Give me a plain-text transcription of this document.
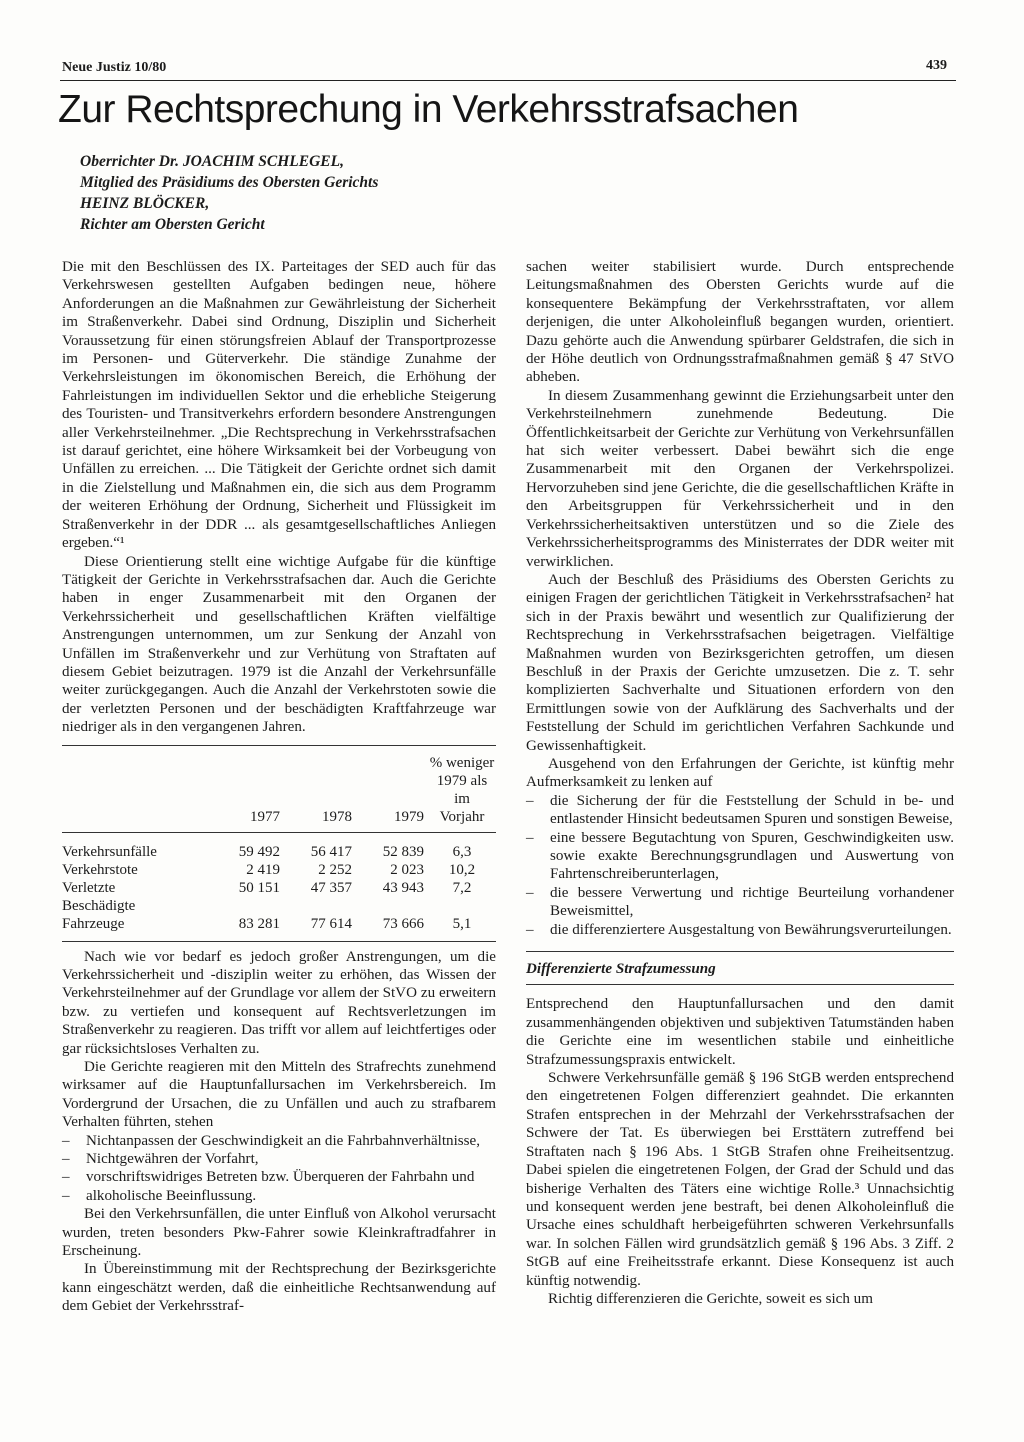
Neue Justiz 10/80	439
Zur Rechtsprechung in Verkehrsstrafsachen
Oberrichter Dr. JOACHIM SCHLEGEL,
Mitglied des Präsidiums des Obersten Gerichts
HEINZ BLÖCKER,
Richter am Obersten Gericht

Die mit den Beschlüssen des IX. Parteitages der SED auch für das Verkehrswesen gestellten Aufgaben bedingen neue, höhere Anforderungen an die Maßnahmen zur Gewährleistung der Sicherheit im Straßenverkehr. Dabei sind Ordnung, Disziplin und Sicherheit Voraussetzung für einen störungsfreien Ablauf der Transportprozesse im Personen- und Güterverkehr. Die ständige Zunahme der Verkehrsleistungen im ökonomischen Bereich, die Erhöhung der Fahrleistungen im individuellen Sektor und die erhebliche Steigerung des Touristen- und Transitverkehrs erfordern besondere Anstrengungen aller Verkehrsteilnehmer. „Die Rechtsprechung in Verkehrsstrafsachen ist darauf gerichtet, eine höhere Wirksamkeit bei der Vorbeugung von Unfällen zu erreichen. ... Die Tätigkeit der Gerichte ordnet sich damit in die Zielstellung und Maßnahmen ein, die sich aus dem Programm der weiteren Erhöhung der Ordnung, Sicherheit und Flüssigkeit im Straßenverkehr in der DDR ... als gesamtgesellschaftliches Anliegen ergeben.“¹

Diese Orientierung stellt eine wichtige Aufgabe für die künftige Tätigkeit der Gerichte in Verkehrsstrafsachen dar. Auch die Gerichte haben in enger Zusammenarbeit mit den Organen der Verkehrssicherheit und gesellschaftlichen Kräften vielfältige Anstrengungen unternommen, um zur Senkung der Anzahl von Unfällen im Straßenverkehr und zur Verhütung von Straftaten auf diesem Gebiet beizutragen. 1979 ist die Anzahl der Verkehrsunfälle weiter zurückgegangen. Auch die Anzahl der Verkehrstoten sowie die der verletzten Personen und der beschädigten Kraftfahrzeuge war niedriger als in den vergangenen Jahren.

				% weniger
				1979 als im
	1977	1978	1979	Vorjahr
Verkehrsunfälle	59 492	56 417	52 839	6,3
Verkehrstote	2 419	2 252	2 023	10,2
Verletzte	50 151	47 357	43 943	7,2

Beschädigte
Fahrzeuge	83 281	77 614	73 666	5,1

Nach wie vor bedarf es jedoch großer Anstrengungen, um die Verkehrssicherheit und -disziplin weiter zu erhöhen, das Wissen der Verkehrsteilnehmer auf der Grundlage vor allem der StVO zu erweitern bzw. zu vertiefen und konsequent auf Rechtsverletzungen im Straßenverkehr zu reagieren. Das trifft vor allem auf leichtfertiges oder gar rücksichtsloses Verhalten zu.

Die Gerichte reagieren mit den Mitteln des Strafrechts zunehmend wirksamer auf die Hauptunfallursachen im Verkehrsbereich. Im Vordergrund der Ursachen, die zu Unfällen und auch zu strafbarem Verhalten führten, stehen

–	Nichtanpassen der Geschwindigkeit an die Fahrbahnverhältnisse,
–	Nichtgewähren der Vorfahrt,
–	vorschriftswidriges Betreten bzw. Überqueren der Fahrbahn und
–	alkoholische Beeinflussung.

Bei den Verkehrsunfällen, die unter Einfluß von Alkohol verursacht wurden, treten besonders Pkw-Fahrer sowie Kleinkraftradfahrer in Erscheinung.

In Übereinstimmung mit der Rechtsprechung der Bezirksgerichte kann eingeschätzt werden, daß die einheitliche Rechtsanwendung auf dem Gebiet der Verkehrsstraf-

sachen weiter stabilisiert wurde. Durch entsprechende Leitungsmaßnahmen des Obersten Gerichts wurde auf die konsequentere Bekämpfung der Verkehrsstraftaten, vor allem derjenigen, die unter Alkoholeinfluß begangen wurden, orientiert. Dazu gehörte auch die Anwendung spürbarer Geldstrafen, die sich in der Höhe deutlich von Ordnungsstrafmaßnahmen gemäß § 47 StVO abheben.

In diesem Zusammenhang gewinnt die Erziehungsarbeit unter den Verkehrsteilnehmern zunehmende Bedeutung. Die Öffentlichkeitsarbeit der Gerichte zur Verhütung von Verkehrsunfällen hat sich weiter verbessert. Dabei bewährt sich die enge Zusammenarbeit mit den Organen der Verkehrspolizei. Hervorzuheben sind jene Gerichte, die die gesellschaftlichen Kräfte in den Arbeitsgruppen für Verkehrssicherheit und in den Verkehrssicherheitsaktiven unterstützen und so die Ziele des Verkehrssicherheitsprogramms des Ministerrates der DDR weiter mit verwirklichen.

Auch der Beschluß des Präsidiums des Obersten Gerichts zu einigen Fragen der gerichtlichen Tätigkeit in Verkehrsstrafsachen² hat sich in der Praxis bewährt und wesentlich zur Qualifizierung der Rechtsprechung in Verkehrsstrafsachen beigetragen. Vielfältige Maßnahmen wurden von Bezirksgerichten getroffen, um diesen Beschluß in der Praxis der Gerichte umzusetzen. Die z. T. sehr komplizierten Sachverhalte und Situationen erfordern von den Ermittlungen sowie von der Aufklärung des Sachverhalts und der Feststellung der Schuld im gerichtlichen Verfahren Sachkunde und Gewissenhaftigkeit.

Ausgehend von den Erfahrungen der Gerichte, ist künftig mehr Aufmerksamkeit zu lenken auf

–	die Sicherung der für die Feststellung der Schuld in be- und entlastender Hinsicht bedeutsamen Spuren und sonstigen Beweise,
–	eine bessere Begutachtung von Spuren, Geschwindigkeiten usw. sowie exakte Berechnungsgrundlagen und Auswertung von Fahrtenschreiberunterlagen,
–	die bessere Verwertung und richtige Beurteilung vorhandener Beweismittel,
–	die differenziertere Ausgestaltung von Bewährungsverurteilungen.
Differenzierte Strafzumessung

Entsprechend den Hauptunfallursachen und den damit zusammenhängenden objektiven und subjektiven Tatumständen haben die Gerichte eine im wesentlichen stabile und einheitliche Strafzumessungspraxis entwickelt.

Schwere Verkehrsunfälle gemäß § 196 StGB werden entsprechend den eingetretenen Folgen differenziert geahndet. Die erkannten Strafen entsprechen in der Mehrzahl der Verkehrsstrafsachen der Schwere der Tat. Es überwiegen bei Ersttätern zutreffend bei Straftaten nach § 196 Abs. 1 StGB Strafen ohne Freiheitsentzug. Dabei spielen die eingetretenen Folgen, der Grad der Schuld und das bisherige Verhalten des Täters eine wichtige Rolle.³ Unnachsichtig und konsequent werden jene bestraft, bei denen Alkoholeinfluß die Ursache eines schuldhaft herbeigeführten schweren Verkehrsunfalls war. In solchen Fällen wird grundsätzlich gemäß § 196 Abs. 3 Ziff. 2 StGB auf eine Freiheitsstrafe erkannt. Diese Konsequenz ist auch künftig notwendig.

Richtig differenzieren die Gerichte, soweit es sich um
